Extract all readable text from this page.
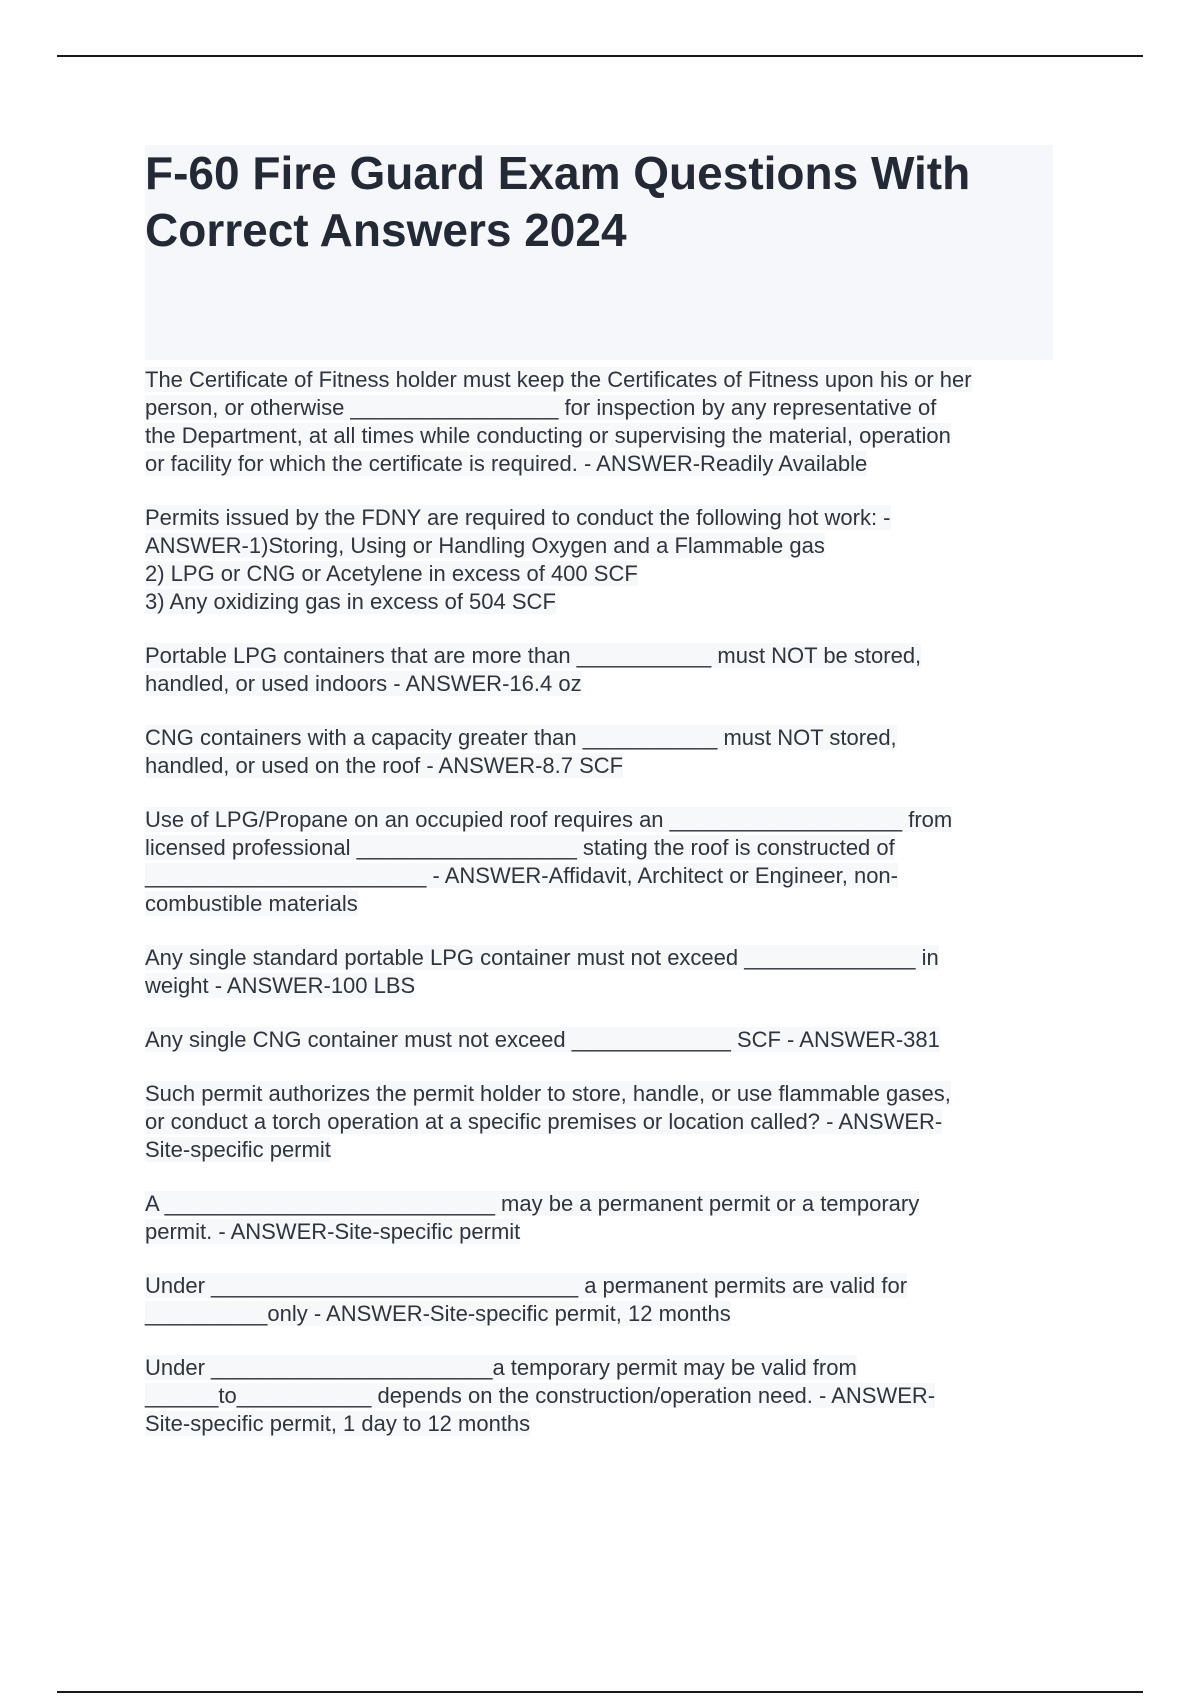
F-60 Fire Guard Exam Questions With Correct Answers 2024
The Certificate of Fitness holder must keep the Certificates of Fitness upon his or her
person, or otherwise _________________ for inspection by any representative of
the Department, at all times while conducting or supervising the material, operation
or facility for which the certificate is required. - ANSWER-Readily Available
Permits issued by the FDNY are required to conduct the following hot work: -
ANSWER-1)Storing, Using or Handling Oxygen and a Flammable gas
2) LPG or CNG or Acetylene in excess of 400 SCF
3) Any oxidizing gas in excess of 504 SCF
Portable LPG containers that are more than ___________ must NOT be stored,
handled, or used indoors - ANSWER-16.4 oz
CNG containers with a capacity greater than ___________ must NOT stored,
handled, or used on the roof - ANSWER-8.7 SCF
Use of LPG/Propane on an occupied roof requires an ___________________ from
licensed professional __________________ stating the roof is constructed of
_______________________ - ANSWER-Affidavit, Architect or Engineer, non-
combustible materials
Any single standard portable LPG container must not exceed ______________ in
weight - ANSWER-100 LBS
Any single CNG container must not exceed _____________ SCF - ANSWER-381
Such permit authorizes the permit holder to store, handle, or use flammable gases,
or conduct a torch operation at a specific premises or location called? - ANSWER-
Site-specific permit
A ___________________________ may be a permanent permit or a temporary
permit. - ANSWER-Site-specific permit
Under ______________________________ a permanent permits are valid for
__________only - ANSWER-Site-specific permit, 12 months
Under _______________________a temporary permit may be valid from
______to___________ depends on the construction/operation need. - ANSWER-
Site-specific permit, 1 day to 12 months
